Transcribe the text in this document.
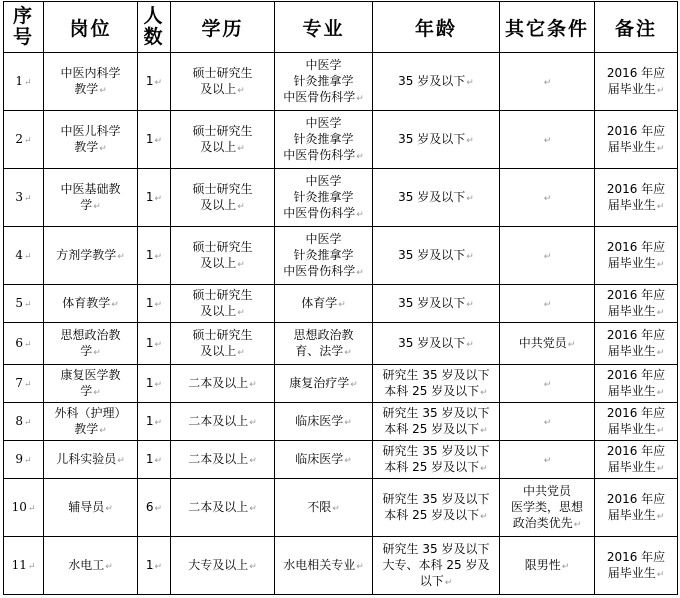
序号	岗位	人数	学历	专业	年龄	其它条件	备注
1↵	中医内科学
教学↵	1↵	硕士研究生
及以上↵	中医学
针灸推拿学
中医骨伤科学↵	35 岁及以下↵	↵	2016 年应
届毕业生↵
2↵	中医儿科学
教学↵	1↵	硕士研究生
及以上↵	中医学
针灸推拿学
中医骨伤科学↵	35 岁及以下↵	↵	2016 年应
届毕业生↵
3↵	中医基础教
学↵	1↵	硕士研究生
及以上↵	中医学
针灸推拿学
中医骨伤科学↵	35 岁及以下↵	↵	2016 年应
届毕业生↵
4↵	方剂学教学↵	1↵	硕士研究生
及以上↵	中医学
针灸推拿学
中医骨伤科学↵	35 岁及以下↵	↵	2016 年应
届毕业生↵
5↵	体育教学↵	1↵	硕士研究生
及以上↵	体育学↵	35 岁及以下↵	↵	2016 年应
届毕业生↵
6↵	思想政治教
学↵	1↵	硕士研究生
及以上↵	思想政治教
育、法学↵	35 岁及以下↵	中共党员↵	2016 年应
届毕业生↵
7↵	康复医学教
学↵	1↵	二本及以上↵	康复治疗学↵	研究生 35 岁及以下
本科 25 岁及以下↵	↵	2016 年应
届毕业生↵
8↵	外科（护理）
教学↵	1↵	二本及以上↵	临床医学↵	研究生 35 岁及以下
本科 25 岁及以下↵	↵	2016 年应
届毕业生↵
9↵	儿科实验员↵	1↵	二本及以上↵	临床医学↵	研究生 35 岁及以下
本科 25 岁及以下↵	↵	2016 年应
届毕业生↵
10↵	辅导员↵	6↵	二本及以上↵	不限↵	研究生 35 岁及以下
本科 25 岁及以下↵	中共党员
医学类，思想
政治类优先↵	2016 年应
届毕业生↵
11↵	水电工↵	1↵	大专及以上↵	水电相关专业↵	研究生 35 岁及以下
大专、本科 25 岁及
以下↵	限男性↵	2016 年应
届毕业生↵
